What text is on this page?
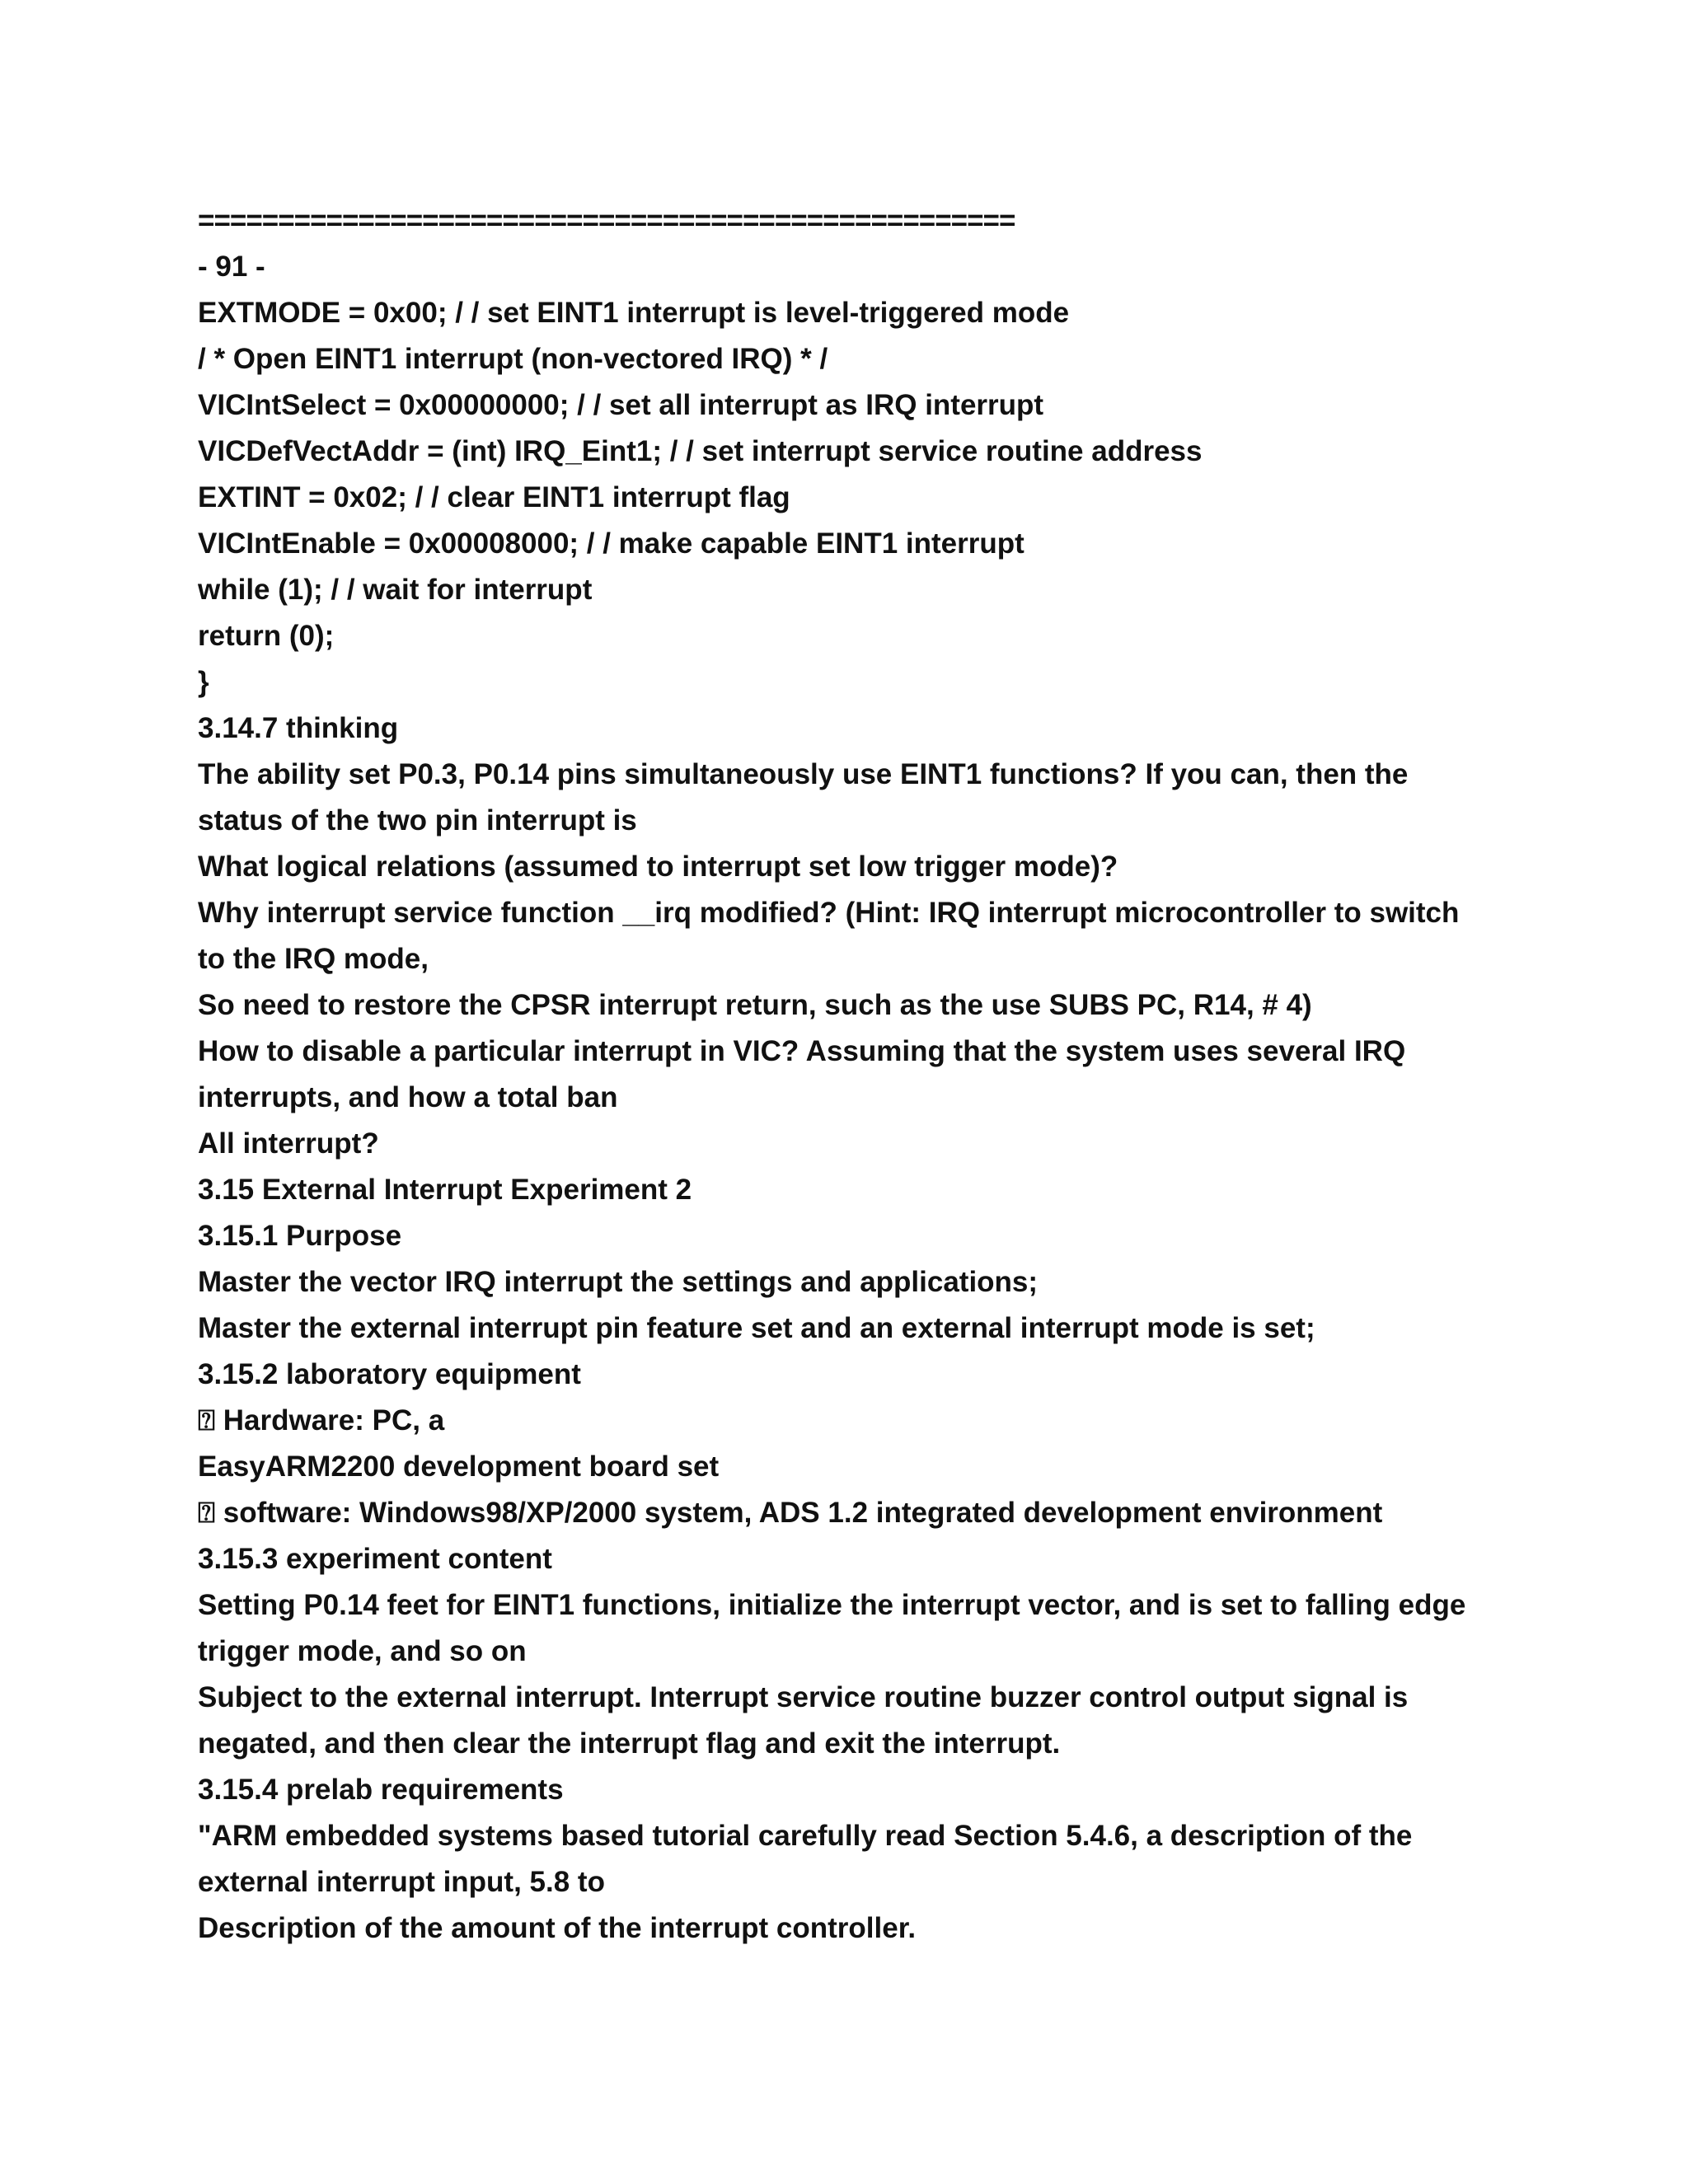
===================================================
- 91 -
EXTMODE = 0x00; / / set EINT1 interrupt is level-triggered mode
/ * Open EINT1 interrupt (non-vectored IRQ) * /
VICIntSelect = 0x00000000; / / set all interrupt as IRQ interrupt
VICDefVectAddr = (int) IRQ_Eint1; / / set interrupt service routine address
EXTINT = 0x02; / / clear EINT1 interrupt flag
VICIntEnable = 0x00008000; / / make capable EINT1 interrupt
while (1); / / wait for interrupt
return (0);
}
3.14.7 thinking
The ability set P0.3, P0.14 pins simultaneously use EINT1 functions? If you can, then the
status of the two pin interrupt is
What logical relations (assumed to interrupt set low trigger mode)?
Why interrupt service function __irq modified? (Hint: IRQ interrupt microcontroller to switch
to the IRQ mode,
So need to restore the CPSR interrupt return, such as the use SUBS PC, R14, # 4)
How to disable a particular interrupt in VIC? Assuming that the system uses several IRQ
interrupts, and how a total ban
All interrupt?
3.15 External Interrupt Experiment 2
3.15.1 Purpose
Master the vector IRQ interrupt the settings and applications;
Master the external interrupt pin feature set and an external interrupt mode is set;
3.15.2 laboratory equipment
⍰ Hardware: PC, a
EasyARM2200 development board set
⍰ software: Windows98/XP/2000 system, ADS 1.2 integrated development environment
3.15.3 experiment content
Setting P0.14 feet for EINT1 functions, initialize the interrupt vector, and is set to falling edge
trigger mode, and so on
Subject to the external interrupt. Interrupt service routine buzzer control output signal is
negated, and then clear the interrupt flag and exit the interrupt.
3.15.4 prelab requirements
"ARM embedded systems based tutorial carefully read Section 5.4.6, a description of the
external interrupt input, 5.8 to
Description of the amount of the interrupt controller.
